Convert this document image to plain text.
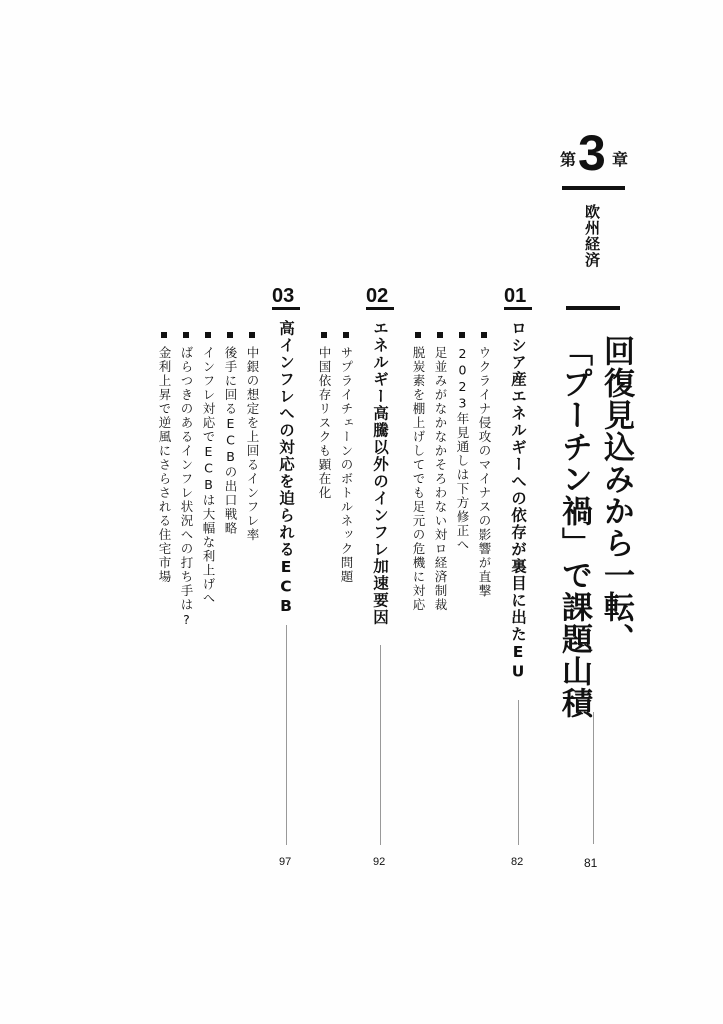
第 3 章
欧州経済
回復見込みから一転、
「プーチン禍」で課題山積
81
01
ロシア産エネルギーへの依存が裏目に出たEU
82
ウクライナ侵攻のマイナスの影響が直撃
2023年見通しは下方修正へ
足並みがなかなかそろわない対ロ経済制裁
脱炭素を棚上げしてでも足元の危機に対応
02
エネルギー高騰以外のインフレ加速要因
92
サプライチェーンのボトルネック問題
中国依存リスクも顕在化
03
高インフレへの対応を迫られるECB
97
中銀の想定を上回るインフレ率
後手に回るECBの出口戦略
インフレ対応でECBは大幅な利上げへ
ばらつきのあるインフレ状況への打ち手は?
金利上昇で逆風にさらされる住宅市場
